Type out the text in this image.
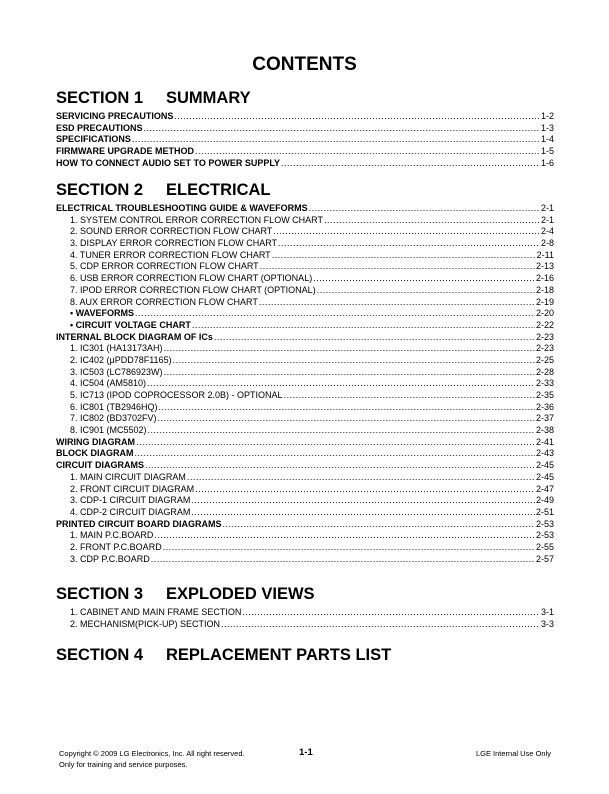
CONTENTS
SECTION 1 SUMMARY
SERVICING PRECAUTIONS .....	1-2
ESD PRECAUTIONS .....	1-3
SPECIFICATIONS .....	1-4
FIRMWARE UPGRADE METHOD .....	1-5
HOW TO CONNECT AUDIO SET TO POWER SUPPLY .....	1-6
SECTION 2 ELECTRICAL
ELECTRICAL TROUBLESHOOTING GUIDE & WAVEFORMS .....	2-1
1. SYSTEM CONTROL ERROR CORRECTION FLOW CHART .....	2-1
2. SOUND ERROR CORRECTION FLOW CHART .....	2-4
3. DISPLAY ERROR CORRECTION FLOW CHART .....	2-8
4. TUNER ERROR CORRECTION FLOW CHART .....	2-11
5. CDP ERROR CORRECTION FLOW CHART .....	2-13
6. USB ERROR CORRECTION FLOW CHART (OPTIONAL) .....	2-16
7. IPOD ERROR CORRECTION FLOW CHART (OPTIONAL) .....	2-18
8. AUX ERROR CORRECTION FLOW CHART .....	2-19
• WAVEFORMS .....	2-20
• CIRCUIT VOLTAGE CHART .....	2-22
INTERNAL BLOCK DIAGRAM OF ICs .....	2-23
1. IC301 (HA13173AH) .....	2-23
2. IC402 (μPDD78F1165) .....	2-25
3. IC503 (LC786923W) .....	2-28
4. IC504 (AM5810) .....	2-33
5. IC713 (IPOD COPROCESSOR 2.0B) - OPTIONAL .....	2-35
6. IC801 (TB2946HQ) .....	2-36
7. IC802 (BD3702FV) .....	2-37
8. IC901 (MC5502) .....	2-38
WIRING DIAGRAM .....	2-41
BLOCK DIAGRAM .....	2-43
CIRCUIT DIAGRAMS .....	2-45
1. MAIN CIRCUIT DIAGRAM .....	2-45
2. FRONT CIRCUIT DIAGRAM .....	2-47
3. CDP-1 CIRCUIT DIAGRAM .....	2-49
4. CDP-2 CIRCUIT DIAGRAM .....	2-51
PRINTED CIRCUIT BOARD DIAGRAMS .....	2-53
1. MAIN P.C.BOARD .....	2-53
2. FRONT P.C.BOARD .....	2-55
3. CDP P.C.BOARD .....	2-57
SECTION 3 EXPLODED VIEWS
1. CABINET AND MAIN FRAME SECTION .....	3-1
2. MECHANISM(PICK-UP) SECTION .....	3-3
SECTION 4 REPLACEMENT PARTS LIST
Copyright © 2009 LG Electronics, Inc. All right reserved.
Only for training and service purposes.
1-1	LGE Internal Use Only
